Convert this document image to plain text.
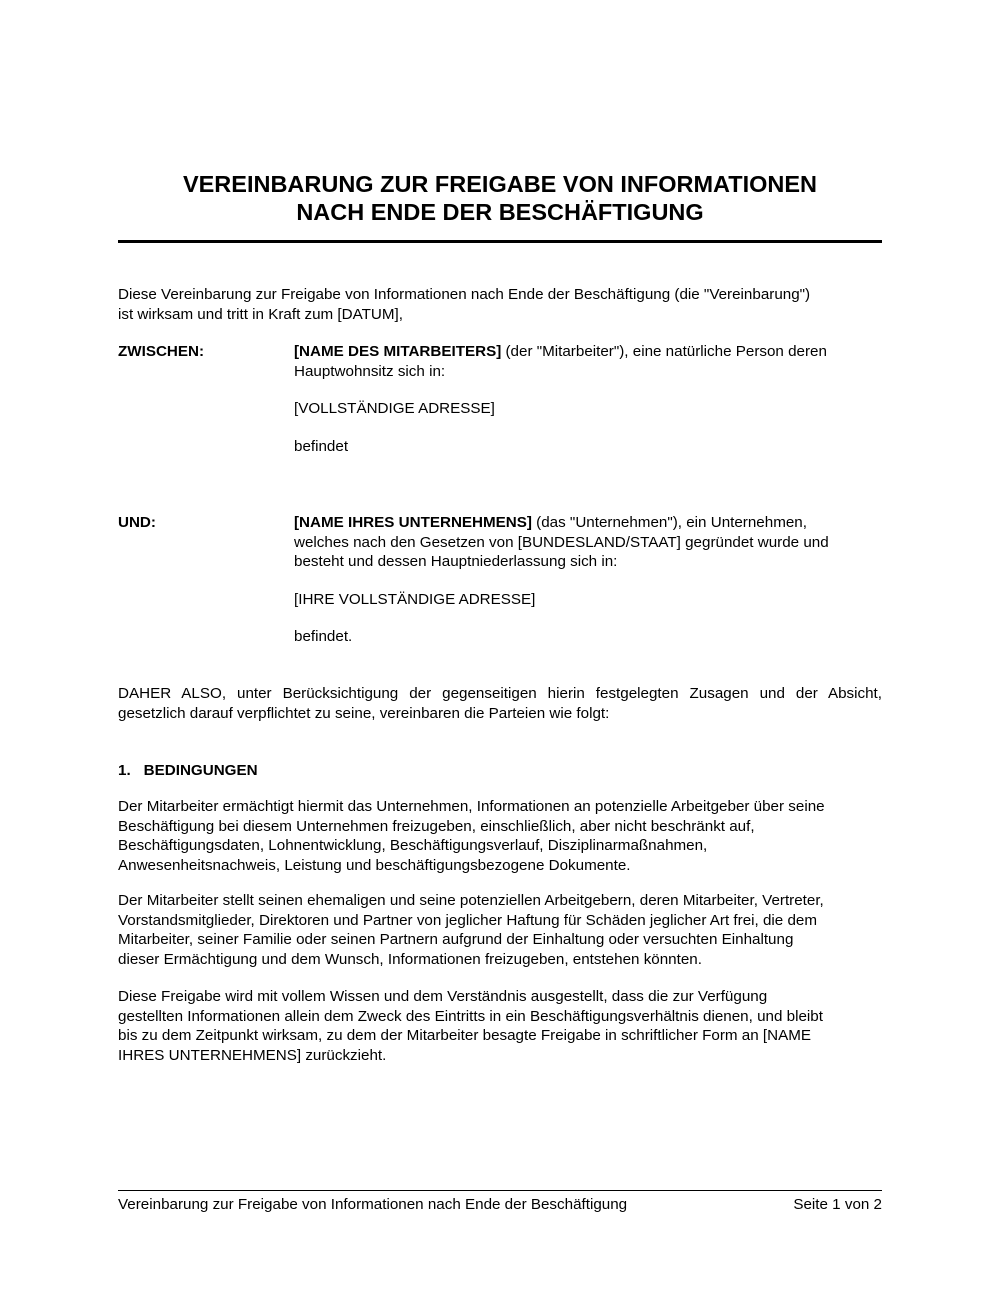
VEREINBARUNG ZUR FREIGABE VON INFORMATIONEN
NACH ENDE DER BESCHÄFTIGUNG
Diese Vereinbarung zur Freigabe von Informationen nach Ende der Beschäftigung (die "Vereinbarung")
ist wirksam und tritt in Kraft zum [DATUM],
ZWISCHEN:	[NAME DES MITARBEITERS] (der "Mitarbeiter"), eine natürliche Person deren
Hauptwohnsitz sich in:
[VOLLSTÄNDIGE ADRESSE]
befindet
UND:	[NAME IHRES UNTERNEHMENS] (das "Unternehmen"), ein Unternehmen,
welches nach den Gesetzen von [BUNDESLAND/STAAT] gegründet wurde und
besteht und dessen Hauptniederlassung sich in:
[IHRE VOLLSTÄNDIGE ADRESSE]
befindet.
DAHER ALSO, unter Berücksichtigung der gegenseitigen hierin festgelegten Zusagen und der Absicht,
gesetzlich darauf verpflichtet zu seine, vereinbaren die Parteien wie folgt:
1. BEDINGUNGEN
Der Mitarbeiter ermächtigt hiermit das Unternehmen, Informationen an potenzielle Arbeitgeber über seine
Beschäftigung bei diesem Unternehmen freizugeben, einschließlich, aber nicht beschränkt auf,
Beschäftigungsdaten, Lohnentwicklung, Beschäftigungsverlauf, Disziplinarmaßnahmen,
Anwesenheitsnachweis, Leistung und beschäftigungsbezogene Dokumente.
Der Mitarbeiter stellt seinen ehemaligen und seine potenziellen Arbeitgebern, deren Mitarbeiter, Vertreter,
Vorstandsmitglieder, Direktoren und Partner von jeglicher Haftung für Schäden jeglicher Art frei, die dem
Mitarbeiter, seiner Familie oder seinen Partnern aufgrund der Einhaltung oder versuchten Einhaltung
dieser Ermächtigung und dem Wunsch, Informationen freizugeben, entstehen könnten.
Diese Freigabe wird mit vollem Wissen und dem Verständnis ausgestellt, dass die zur Verfügung
gestellten Informationen allein dem Zweck des Eintritts in ein Beschäftigungsverhältnis dienen, und bleibt
bis zu dem Zeitpunkt wirksam, zu dem der Mitarbeiter besagte Freigabe in schriftlicher Form an [NAME
IHRES UNTERNEHMENS] zurückzieht.
Vereinbarung zur Freigabe von Informationen nach Ende der Beschäftigung	Seite 1 von 2
